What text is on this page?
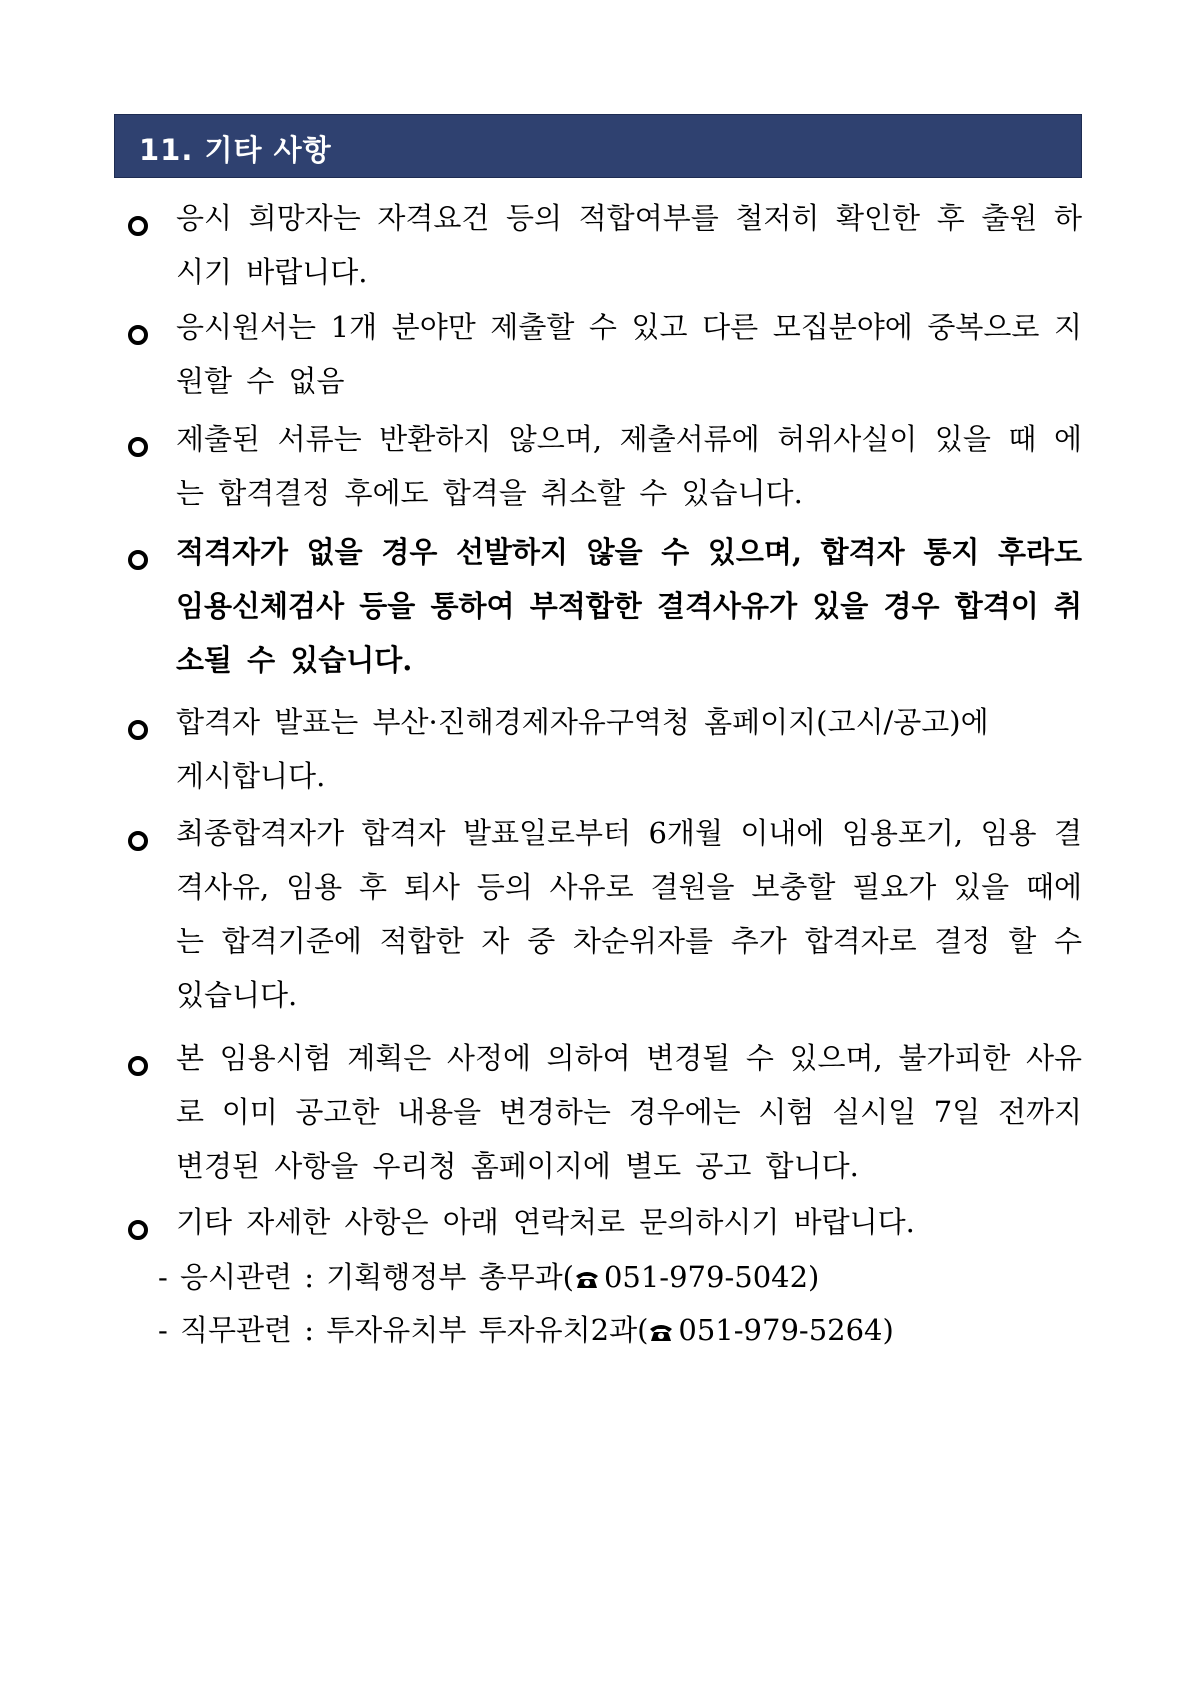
11. 기타 사항
응시 희망자는 자격요건 등의 적합여부를 철저히 확인한 후 출원 하시기 바랍니다.
응시원서는 1개 분야만 제출할 수 있고 다른 모집분야에 중복으로 지원할 수 없음
제출된 서류는 반환하지 않으며, 제출서류에 허위사실이 있을 때 에는 합격결정 후에도 합격을 취소할 수 있습니다.
적격자가 없을 경우 선발하지 않을 수 있으며, 합격자 통지 후라도 임용신체검사 등을 통하여 부적합한 결격사유가 있을 경우 합격이 취소될 수 있습니다.
합격자 발표는 부산·진해경제자유구역청 홈페이지(고시/공고)에
게시합니다.
최종합격자가 합격자 발표일로부터 6개월 이내에 임용포기, 임용 결격사유, 임용 후 퇴사 등의 사유로 결원을 보충할 필요가 있을 때에는 합격기준에 적합한 자 중 차순위자를 추가 합격자로 결정 할 수 있습니다.
본 임용시험 계획은 사정에 의하여 변경될 수 있으며, 불가피한 사유로 이미 공고한 내용을 변경하는 경우에는 시험 실시일 7일 전까지 변경된 사항을 우리청 홈페이지에 별도 공고 합니다.
기타 자세한 사항은 아래 연락처로 문의하시기 바랍니다.
- 응시관련 : 기획행정부 총무과( 051-979-5042)
- 직무관련 : 투자유치부 투자유치2과( 051-979-5264)
